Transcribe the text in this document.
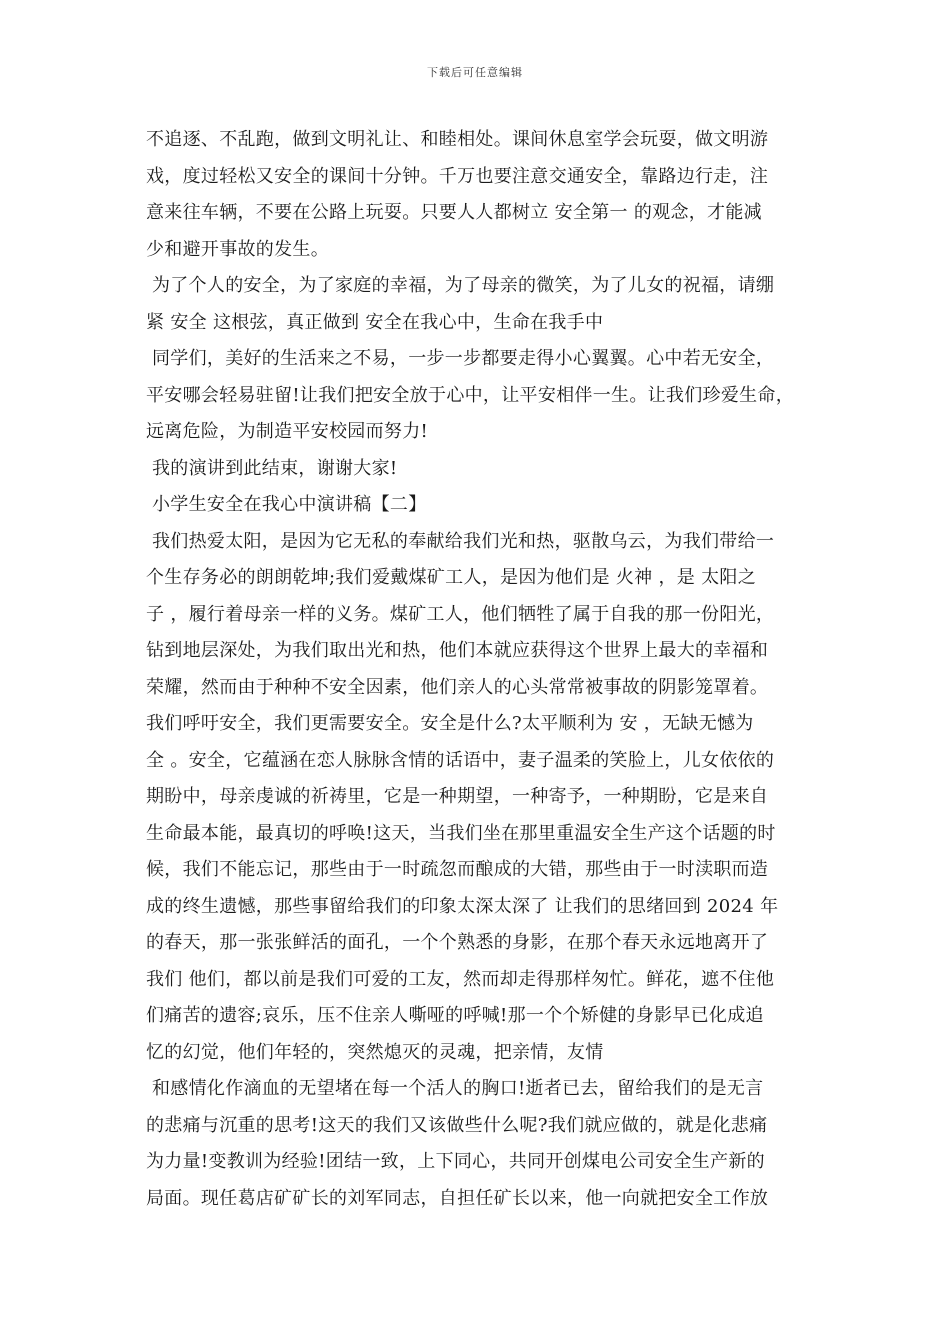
下载后可任意编辑
不追逐、不乱跑，做到文明礼让、和睦相处。课间休息室学会玩耍，做文明游
戏，度过轻松又安全的课间十分钟。千万也要注意交通安全，靠路边行走，注
意来往车辆，不要在公路上玩耍。只要人人都树立 安全第一 的观念，才能减
少和避开事故的发生。
为了个人的安全，为了家庭的幸福，为了母亲的微笑，为了儿女的祝福，请绷
紧 安全 这根弦，真正做到 安全在我心中，生命在我手中
同学们，美好的生活来之不易，一步一步都要走得小心翼翼。心中若无安全，
平安哪会轻易驻留!让我们把安全放于心中，让平安相伴一生。让我们珍爱生命，
远离危险，为制造平安校园而努力!
我的演讲到此结束，谢谢大家!
小学生安全在我心中演讲稿【二】
我们热爱太阳，是因为它无私的奉献给我们光和热，驱散乌云，为我们带给一
个生存务必的朗朗乾坤;我们爱戴煤矿工人，是因为他们是 火神 ，是 太阳之
子 ，履行着母亲一样的义务。煤矿工人，他们牺牲了属于自我的那一份阳光，
钻到地层深处，为我们取出光和热，他们本就应获得这个世界上最大的幸福和
荣耀，然而由于种种不安全因素，他们亲人的心头常常被事故的阴影笼罩着。
我们呼吁安全，我们更需要安全。安全是什么?太平顺利为 安 ，无缺无憾为
全 。安全，它蕴涵在恋人脉脉含情的话语中，妻子温柔的笑脸上，儿女依依的
期盼中，母亲虔诚的祈祷里，它是一种期望，一种寄予，一种期盼，它是来自
生命最本能，最真切的呼唤!这天，当我们坐在那里重温安全生产这个话题的时
候，我们不能忘记，那些由于一时疏忽而酿成的大错，那些由于一时渎职而造
成的终生遗憾，那些事留给我们的印象太深太深了 让我们的思绪回到 2024 年
的春天，那一张张鲜活的面孔，一个个熟悉的身影，在那个春天永远地离开了
我们 他们，都以前是我们可爱的工友，然而却走得那样匆忙。鲜花，遮不住他
们痛苦的遗容;哀乐，压不住亲人嘶哑的呼喊!那一个个矫健的身影早已化成追
忆的幻觉，他们年轻的，突然熄灭的灵魂，把亲情，友情
和感情化作滴血的无望堵在每一个活人的胸口!逝者已去，留给我们的是无言
的悲痛与沉重的思考!这天的我们又该做些什么呢?我们就应做的，就是化悲痛
为力量!变教训为经验!团结一致，上下同心，共同开创煤电公司安全生产新的
局面。现任葛店矿矿长的刘军同志，自担任矿长以来，他一向就把安全工作放
